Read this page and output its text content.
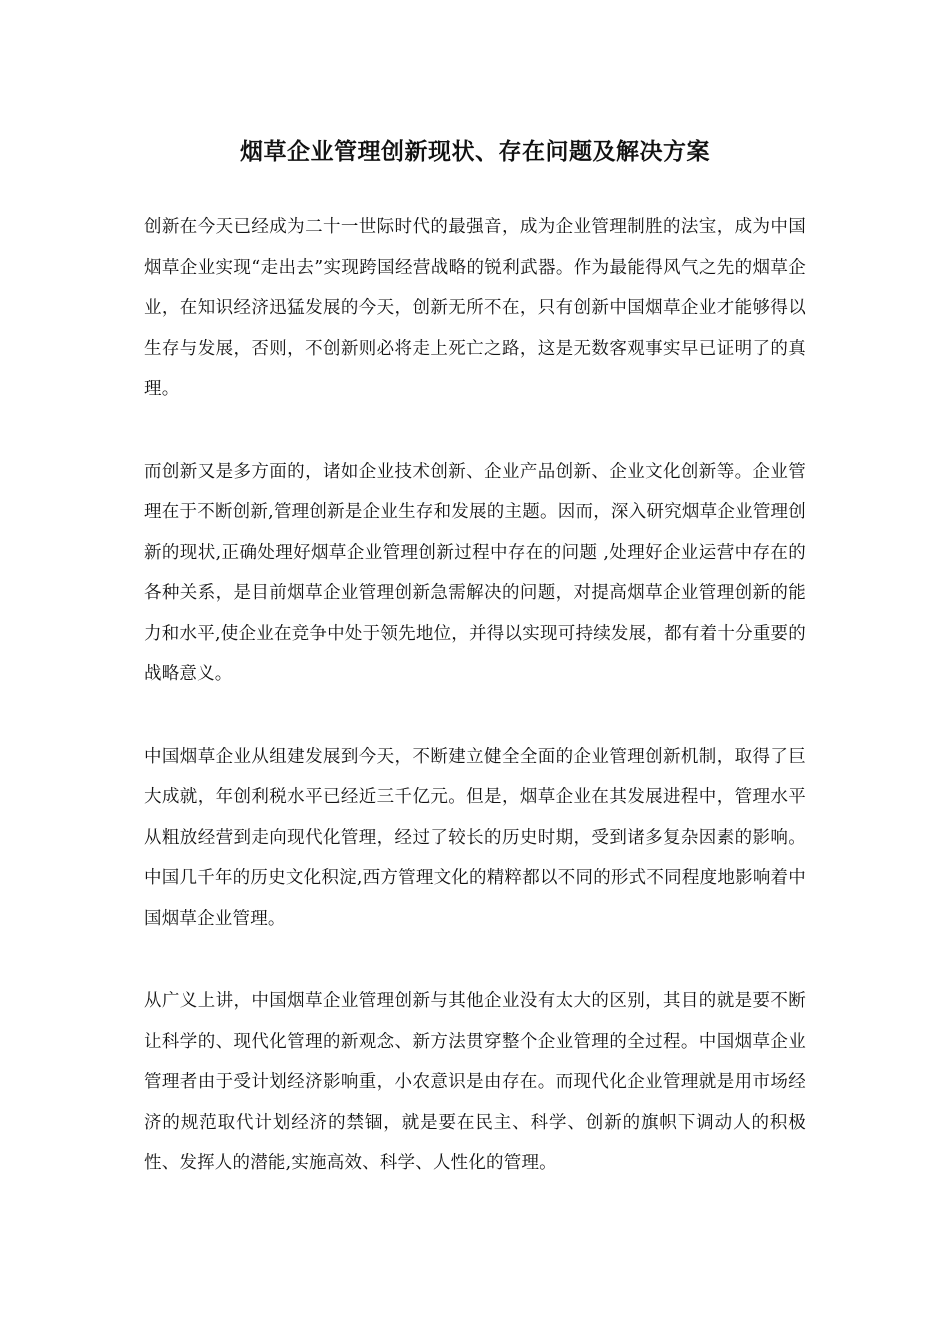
烟草企业管理创新现状、存在问题及解决方案

创新在今天已经成为二十一世际时代的最强音，成为企业管理制胜的法宝，成为中国烟草企业实现“走出去”实现跨国经营战略的锐利武器。作为最能得风气之先的烟草企业，在知识经济迅猛发展的今天，创新无所不在，只有创新中国烟草企业才能够得以生存与发展，否则，不创新则必将走上死亡之路，这是无数客观事实早已证明了的真理。

而创新又是多方面的，诸如企业技术创新、企业产品创新、企业文化创新等。企业管理在于不断创新,管理创新是企业生存和发展的主题。因而，深入研究烟草企业管理创新的现状,正确处理好烟草企业管理创新过程中存在的问题 ,处理好企业运营中存在的各种关系，是目前烟草企业管理创新急需解决的问题，对提高烟草企业管理创新的能力和水平,使企业在竞争中处于领先地位，并得以实现可持续发展，都有着十分重要的战略意义。

中国烟草企业从组建发展到今天，不断建立健全全面的企业管理创新机制，取得了巨大成就，年创利税水平已经近三千亿元。但是，烟草企业在其发展进程中，管理水平从粗放经营到走向现代化管理，经过了较长的历史时期，受到诸多复杂因素的影响。中国几千年的历史文化积淀,西方管理文化的精粹都以不同的形式不同程度地影响着中国烟草企业管理。

从广义上讲，中国烟草企业管理创新与其他企业没有太大的区别，其目的就是要不断让科学的、现代化管理的新观念、新方法贯穿整个企业管理的全过程。中国烟草企业管理者由于受计划经济影响重，小农意识是由存在。而现代化企业管理就是用市场经济的规范取代计划经济的禁锢，就是要在民主、科学、创新的旗帜下调动人的积极性、发挥人的潜能,实施高效、科学、人性化的管理。
